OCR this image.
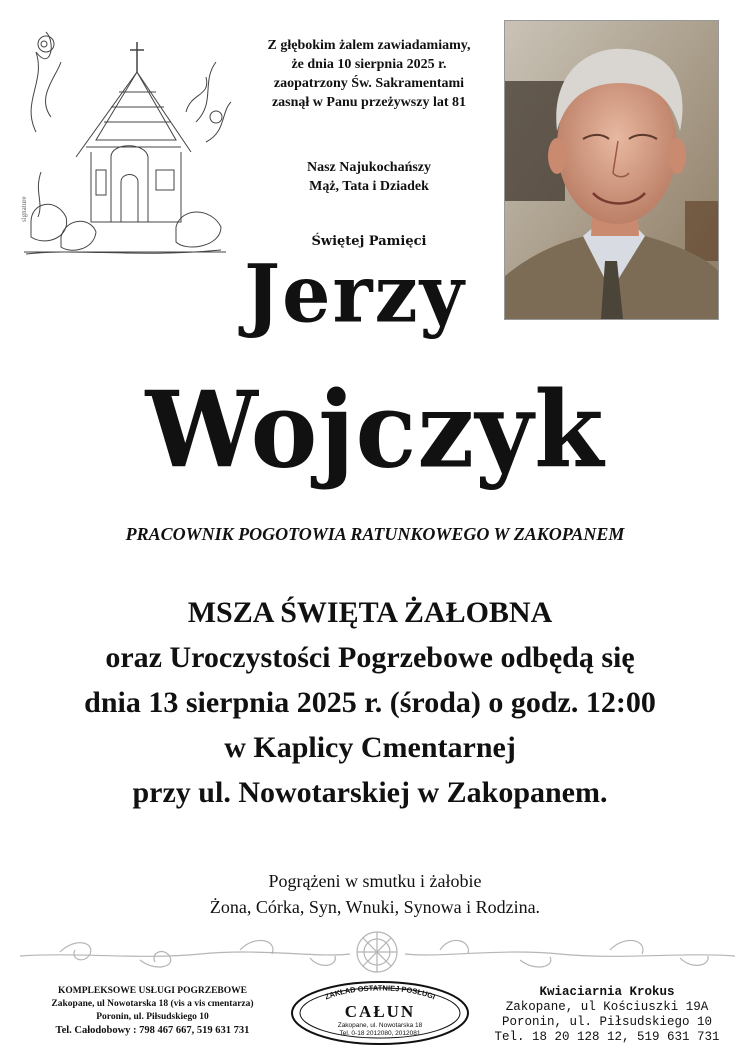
signature
Z głębokim żalem zawiadamiamy,
że dnia 10 sierpnia 2025 r.
zaopatrzony Św. Sakramentami
zasnął w Panu przeżywszy lat 81
Nasz Najukochańszy
Mąż, Tata i Dziadek
Świętej Pamięci
Jerzy
Wojczyk
PRACOWNIK POGOTOWIA RATUNKOWEGO W ZAKOPANEM
MSZA ŚWIĘTA ŻAŁOBNA
oraz Uroczystości Pogrzebowe odbędą się
dnia 13 sierpnia 2025 r. (środa) o godz. 12:00
w Kaplicy Cmentarnej
przy ul. Nowotarskiej w Zakopanem.
Pogrążeni w smutku i żałobie
Żona, Córka, Syn, Wnuki, Synowa i Rodzina.
KOMPLEKSOWE USŁUGI POGRZEBOWE
Zakopane, ul Nowotarska 18 (vis a vis cmentarza)
Poronin, ul. Piłsudskiego 10
Tel. Całodobowy : 798 467 667, 519 631 731
ZAKŁAD OSTATNIEJ POSŁUGI
CAŁUN
Zakopane, ul. Nowotarska 18
Tel. 0-18 2012080, 2012081
Kwiaciarnia Krokus
Zakopane, ul Kościuszki 19A
Poronin, ul. Piłsudskiego 10
Tel. 18 20 128 12, 519 631 731
